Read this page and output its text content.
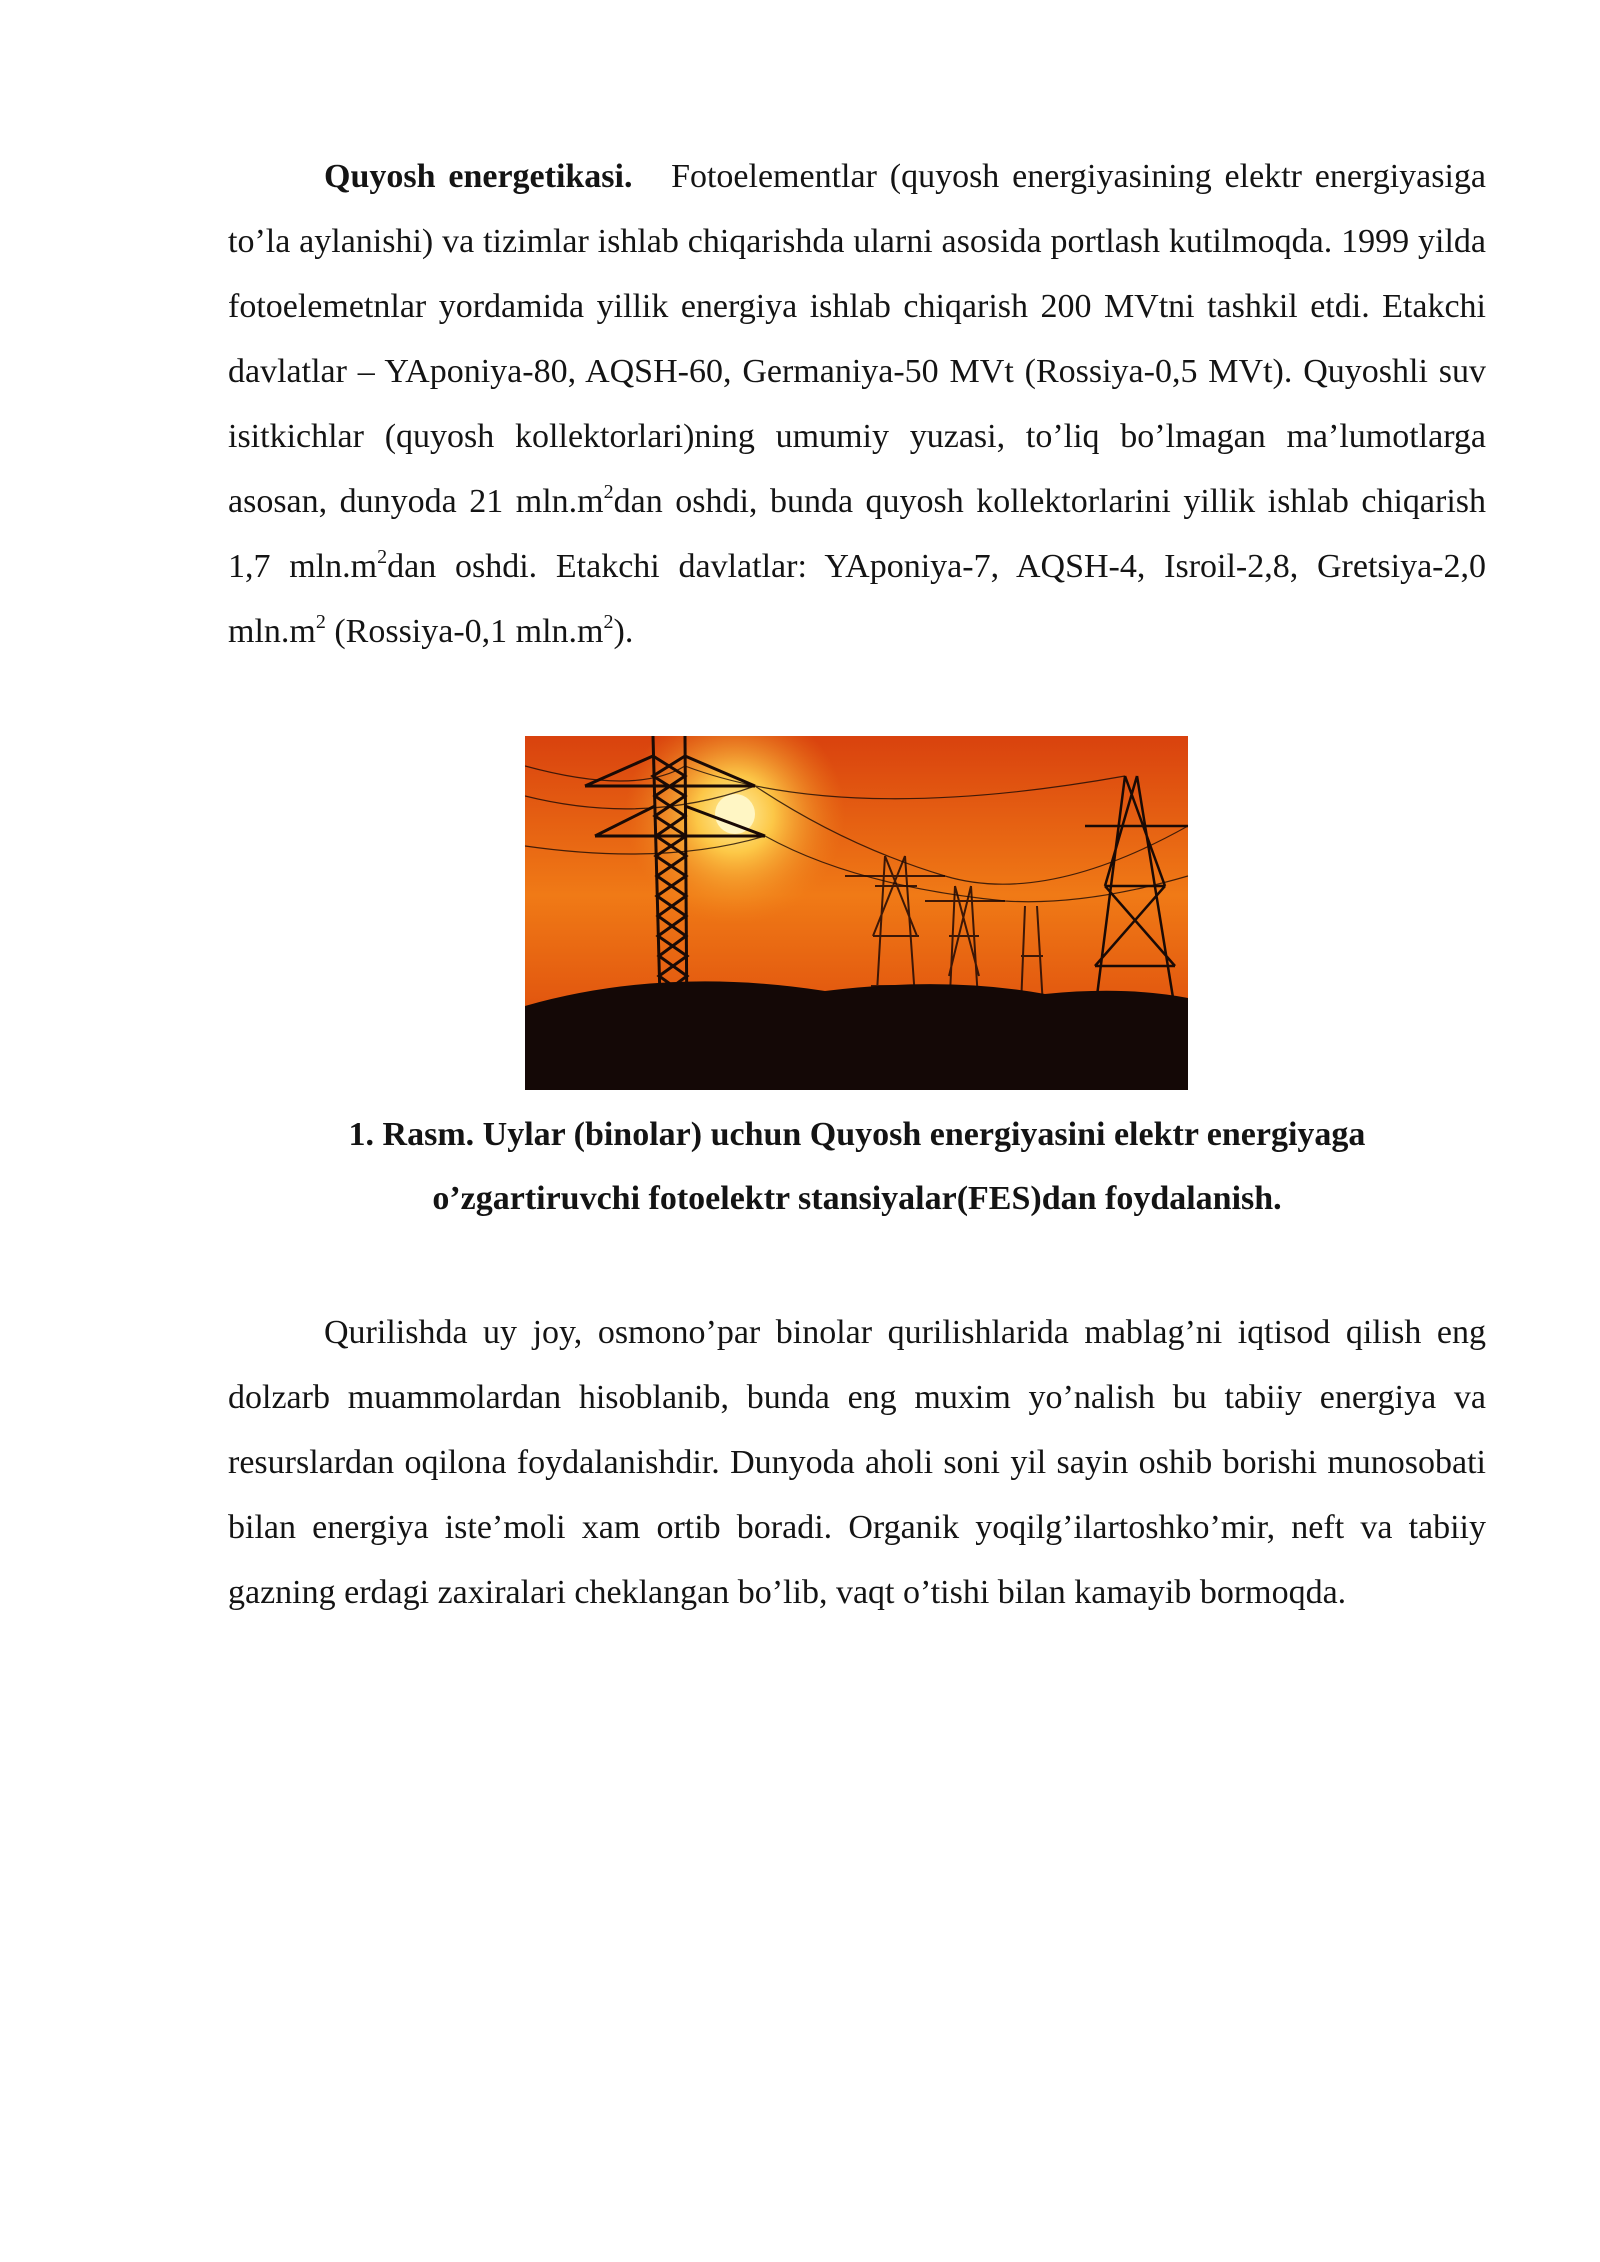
Quyosh energetikasi. Fotoelementlar (quyosh energiyasining elektr energiyasiga to’la aylanishi) va tizimlar ishlab chiqarishda ularni asosida portlash kutilmoqda. 1999 yilda fotoelemetnlar yordamida yillik energiya ishlab chiqarish 200 MVtni tashkil etdi. Etakchi davlatlar – YAponiya-80, AQSH-60, Germaniya-50 MVt (Rossiya-0,5 MVt). Quyoshli suv isitkichlar (quyosh kollektorlari)ning umumiy yuzasi, to’liq bo’lmagan ma’lumotlarga asosan, dunyoda 21 $mln.m^2dan$ oshdi, bunda quyosh kollektorlarini yillik ishlab chiqarish 1,7 $mln.m^2dan$ oshdi. Etakchi davlatlar: YAponiya-7, AQSH-4, Isroil-2,8, Gretsiya-2,0 $mln.m^2$ (Rossiya-0,1 $mln.m^2$).

1. Rasm. Uylar (binolar) uchun Quyosh energiyasini elektr energiyaga
o’zgartiruvchi fotoelektr stansiyalar(FES)dan foydalanish.

Qurilishda uy joy, osmono’par binolar qurilishlarida mablag’ni iqtisod qilish eng dolzarb muammolardan hisoblanib, bunda eng muxim yo’nalish bu tabiiy energiya va resurslardan oqilona foydalanishdir. Dunyoda aholi soni yil sayin oshib borishi munosobati bilan energiya iste’moli xam ortib boradi. Organik yoqilg’ilartoshko’mir, neft va tabiiy gazning erdagi zaxiralari cheklangan bo’lib, vaqt o’tishi bilan kamayib bormoqda.
